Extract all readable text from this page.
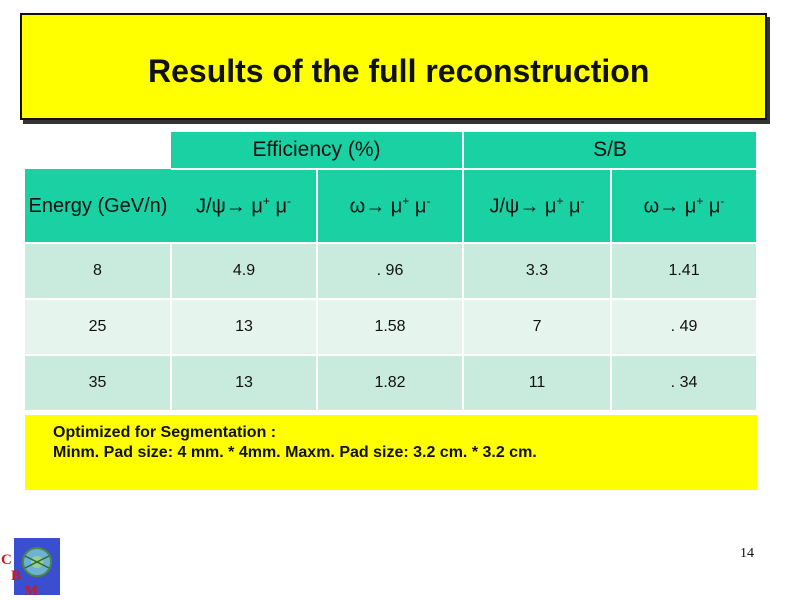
Results of the full reconstruction
	Efficiency (%)		S/B	
Energy (GeV/n)	J/ψ→ μ+ μ-	ω→ μ+ μ-	J/ψ→ μ+ μ-	ω→ μ+ μ-
8	4.9	. 96	3.3	1.41
25	13	1.58	7	. 49
35	13	1.82	11	. 34
Optimized for Segmentation :
Minm. Pad size: 4 mm. * 4mm. Maxm. Pad size: 3.2 cm. * 3.2 cm.
C
B
M
14
